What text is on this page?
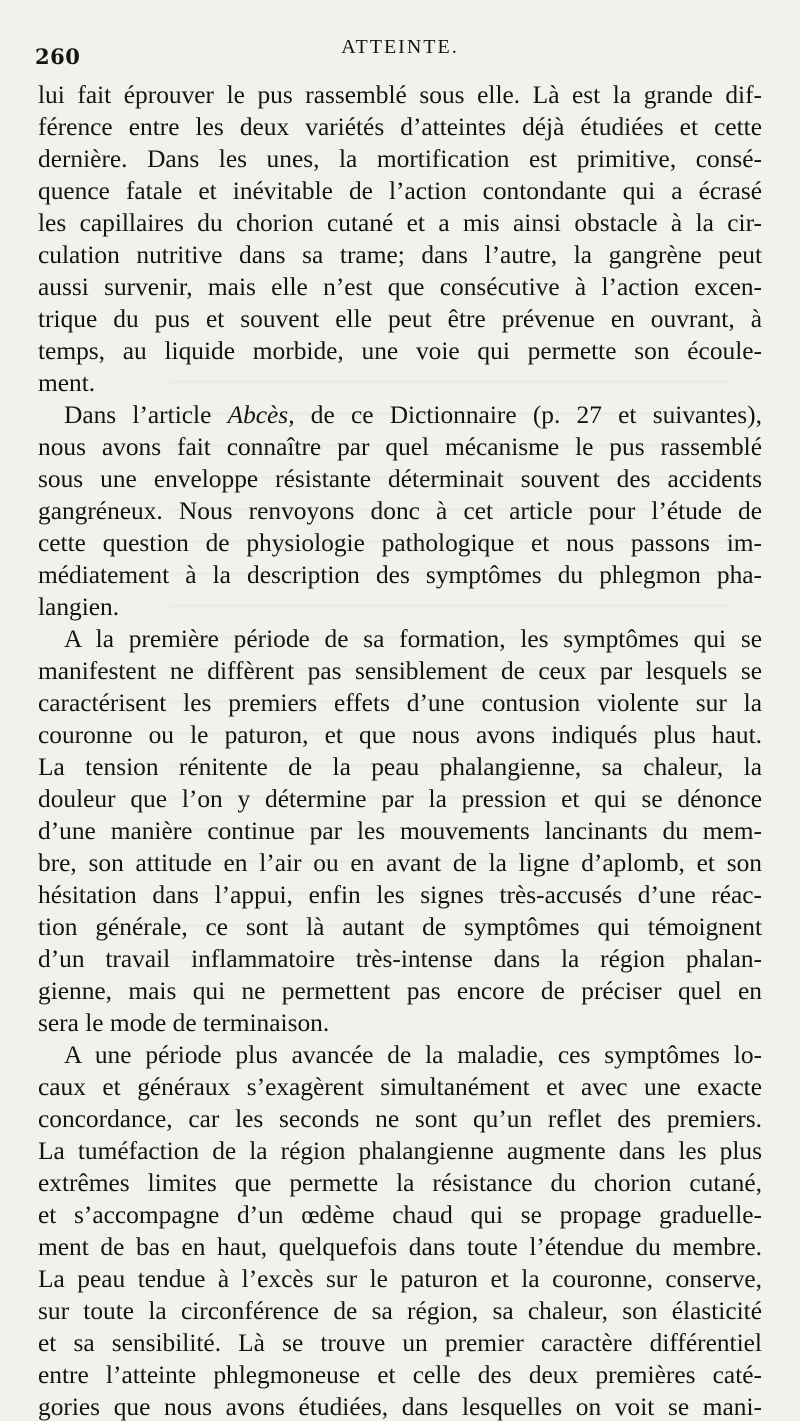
260	ATTEINTE.
lui fait éprouver le pus rassemblé sous elle. Là est la grande dif-
férence entre les deux variétés d’atteintes déjà étudiées et cette
dernière. Dans les unes, la mortification est primitive, consé-
quence fatale et inévitable de l’action contondante qui a écrasé
les capillaires du chorion cutané et a mis ainsi obstacle à la cir-
culation nutritive dans sa trame; dans l’autre, la gangrène peut
aussi survenir, mais elle n’est que consécutive à l’action excen-
trique du pus et souvent elle peut être prévenue en ouvrant, à
temps, au liquide morbide, une voie qui permette son écoule-
ment.
Dans l’article Abcès, de ce Dictionnaire (p. 27 et suivantes),
nous avons fait connaître par quel mécanisme le pus rassemblé
sous une enveloppe résistante déterminait souvent des accidents
gangréneux. Nous renvoyons donc à cet article pour l’étude de
cette question de physiologie pathologique et nous passons im-
médiatement à la description des symptômes du phlegmon pha-
langien.
A la première période de sa formation, les symptômes qui se
manifestent ne diffèrent pas sensiblement de ceux par lesquels se
caractérisent les premiers effets d’une contusion violente sur la
couronne ou le paturon, et que nous avons indiqués plus haut.
La tension rénitente de la peau phalangienne, sa chaleur, la
douleur que l’on y détermine par la pression et qui se dénonce
d’une manière continue par les mouvements lancinants du mem-
bre, son attitude en l’air ou en avant de la ligne d’aplomb, et son
hésitation dans l’appui, enfin les signes très-accusés d’une réac-
tion générale, ce sont là autant de symptômes qui témoignent
d’un travail inflammatoire très-intense dans la région phalan-
gienne, mais qui ne permettent pas encore de préciser quel en
sera le mode de terminaison.
A une période plus avancée de la maladie, ces symptômes lo-
caux et généraux s’exagèrent simultanément et avec une exacte
concordance, car les seconds ne sont qu’un reflet des premiers.
La tuméfaction de la région phalangienne augmente dans les plus
extrêmes limites que permette la résistance du chorion cutané,
et s’accompagne d’un œdème chaud qui se propage graduelle-
ment de bas en haut, quelquefois dans toute l’étendue du membre.
La peau tendue à l’excès sur le paturon et la couronne, conserve,
sur toute la circonférence de sa région, sa chaleur, son élasticité
et sa sensibilité. Là se trouve un premier caractère différentiel
entre l’atteinte phlegmoneuse et celle des deux premières caté-
gories que nous avons étudiées, dans lesquelles on voit se mani-
